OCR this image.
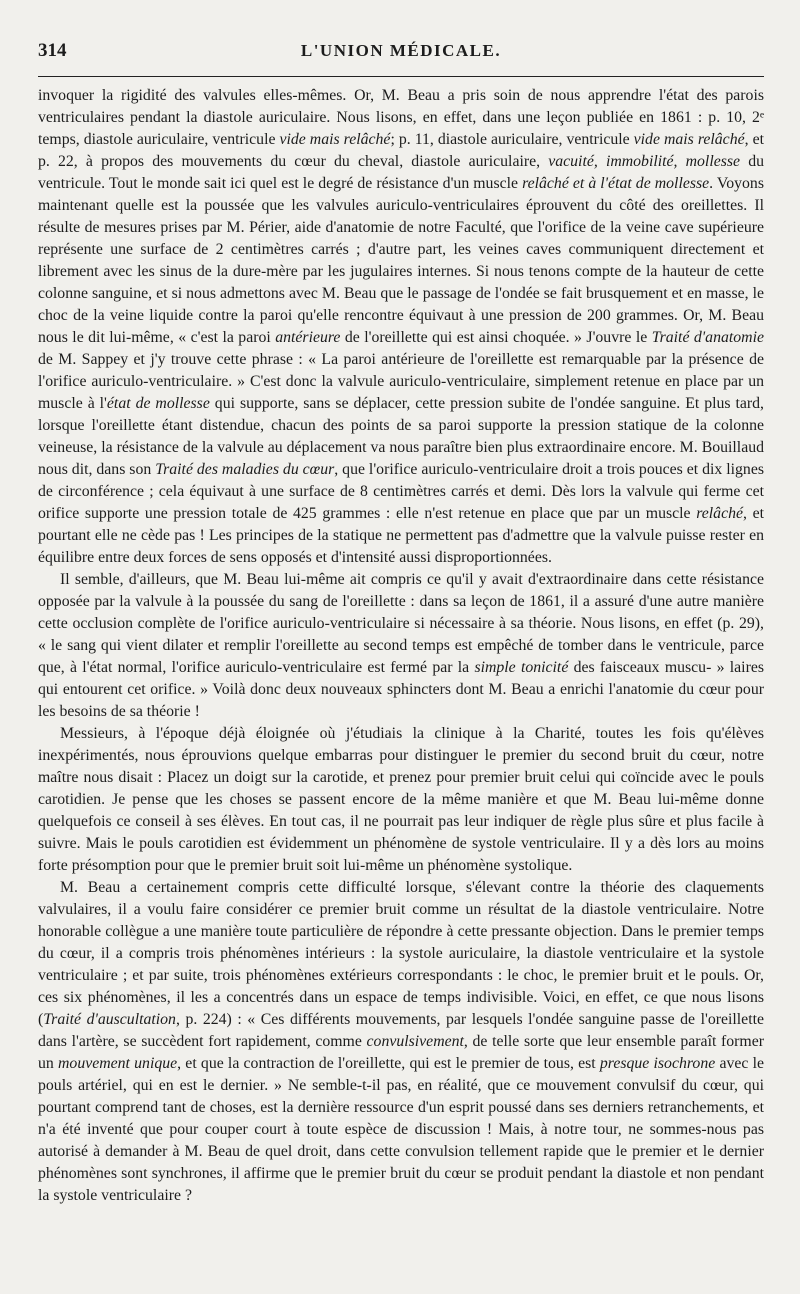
314	L'UNION MÉDICALE.

invoquer la rigidité des valvules elles-mêmes. Or, M. Beau a pris soin de nous apprendre l'état des parois ventriculaires pendant la diastole auriculaire. Nous lisons, en effet, dans une leçon publiée en 1861 : p. 10, 2ᵉ temps, diastole auriculaire, ventricule vide mais relâché; p. 11, diastole auriculaire, ventricule vide mais relâché, et p. 22, à propos des mouvements du cœur du cheval, diastole auriculaire, vacuité, immobilité, mollesse du ventricule. Tout le monde sait ici quel est le degré de résistance d'un muscle relâché et à l'état de mollesse. Voyons maintenant quelle est la poussée que les valvules auriculo-ventriculaires éprouvent du côté des oreillettes. Il résulte de mesures prises par M. Périer, aide d'anatomie de notre Faculté, que l'orifice de la veine cave supérieure représente une surface de 2 centimètres carrés ; d'autre part, les veines caves communiquent directement et librement avec les sinus de la dure-mère par les jugulaires internes. Si nous tenons compte de la hauteur de cette colonne sanguine, et si nous admettons avec M. Beau que le passage de l'ondée se fait brusquement et en masse, le choc de la veine liquide contre la paroi qu'elle rencontre équivaut à une pression de 200 grammes. Or, M. Beau nous le dit lui-même, « c'est la paroi antérieure de l'oreillette qui est ainsi choquée. » J'ouvre le Traité d'anatomie de M. Sappey et j'y trouve cette phrase : « La paroi antérieure de l'oreillette est remarquable par la présence de l'orifice auriculo-ventriculaire. » C'est donc la valvule auriculo-ventriculaire, simplement retenue en place par un muscle à l'état de mollesse qui supporte, sans se déplacer, cette pression subite de l'ondée sanguine. Et plus tard, lorsque l'oreillette étant distendue, chacun des points de sa paroi supporte la pression statique de la colonne veineuse, la résistance de la valvule au déplacement va nous paraître bien plus extraordinaire encore. M. Bouillaud nous dit, dans son Traité des maladies du cœur, que l'orifice auriculo-ventriculaire droit a trois pouces et dix lignes de circonférence ; cela équivaut à une surface de 8 centimètres carrés et demi. Dès lors la valvule qui ferme cet orifice supporte une pression totale de 425 grammes : elle n'est retenue en place que par un muscle relâché, et pourtant elle ne cède pas ! Les principes de la statique ne permettent pas d'admettre que la valvule puisse rester en équilibre entre deux forces de sens opposés et d'intensité aussi disproportionnées.

Il semble, d'ailleurs, que M. Beau lui-même ait compris ce qu'il y avait d'extraordinaire dans cette résistance opposée par la valvule à la poussée du sang de l'oreillette : dans sa leçon de 1861, il a assuré d'une autre manière cette occlusion complète de l'orifice auriculo-ventriculaire si nécessaire à sa théorie. Nous lisons, en effet (p. 29), « le sang qui vient dilater et remplir l'oreillette au second temps est empêché de tomber dans le ventricule, parce que, à l'état normal, l'orifice auriculo-ventriculaire est fermé par la simple tonicité des faisceaux muscu- » laires qui entourent cet orifice. » Voilà donc deux nouveaux sphincters dont M. Beau a enrichi l'anatomie du cœur pour les besoins de sa théorie !

Messieurs, à l'époque déjà éloignée où j'étudiais la clinique à la Charité, toutes les fois qu'élèves inexpérimentés, nous éprouvions quelque embarras pour distinguer le premier du second bruit du cœur, notre maître nous disait : Placez un doigt sur la carotide, et prenez pour premier bruit celui qui coïncide avec le pouls carotidien. Je pense que les choses se passent encore de la même manière et que M. Beau lui-même donne quelquefois ce conseil à ses élèves. En tout cas, il ne pourrait pas leur indiquer de règle plus sûre et plus facile à suivre. Mais le pouls carotidien est évidemment un phénomène de systole ventriculaire. Il y a dès lors au moins forte présomption pour que le premier bruit soit lui-même un phénomène systolique.

M. Beau a certainement compris cette difficulté lorsque, s'élevant contre la théorie des claquements valvulaires, il a voulu faire considérer ce premier bruit comme un résultat de la diastole ventriculaire. Notre honorable collègue a une manière toute particulière de répondre à cette pressante objection. Dans le premier temps du cœur, il a compris trois phénomènes intérieurs : la systole auriculaire, la diastole ventriculaire et la systole ventriculaire ; et par suite, trois phénomènes extérieurs correspondants : le choc, le premier bruit et le pouls. Or, ces six phénomènes, il les a concentrés dans un espace de temps indivisible. Voici, en effet, ce que nous lisons (Traité d'auscultation, p. 224) : « Ces différents mouvements, par lesquels l'ondée sanguine passe de l'oreillette dans l'artère, se succèdent fort rapidement, comme convulsivement, de telle sorte que leur ensemble paraît former un mouvement unique, et que la contraction de l'oreillette, qui est le premier de tous, est presque isochrone avec le pouls artériel, qui en est le dernier. » Ne semble-t-il pas, en réalité, que ce mouvement convulsif du cœur, qui pourtant comprend tant de choses, est la dernière ressource d'un esprit poussé dans ses derniers retranchements, et n'a été inventé que pour couper court à toute espèce de discussion ! Mais, à notre tour, ne sommes-nous pas autorisé à demander à M. Beau de quel droit, dans cette convulsion tellement rapide que le premier et le dernier phénomènes sont synchrones, il affirme que le premier bruit du cœur se produit pendant la diastole et non pendant la systole ventriculaire ?
